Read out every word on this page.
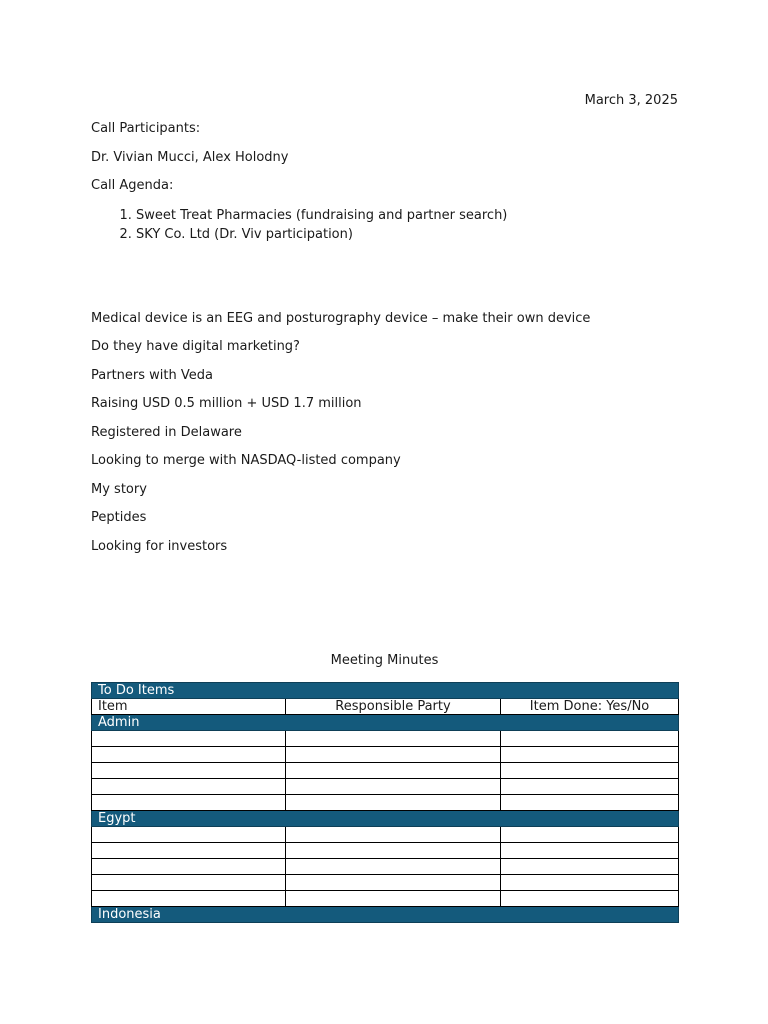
March 3, 2025
Call Participants:
Dr. Vivian Mucci, Alex Holodny
Call Agenda:
1. Sweet Treat Pharmacies (fundraising and partner search)
2. SKY Co. Ltd (Dr. Viv participation)
Medical device is an EEG and posturography device – make their own device
Do they have digital marketing?
Partners with Veda
Raising USD 0.5 million + USD 1.7 million
Registered in Delaware
Looking to merge with NASDAQ-listed company
My story
Peptides
Looking for investors
Meeting Minutes
To Do Items		
Item	Responsible Party	Item Done: Yes/No
Admin		

Egypt		

Indonesia		
